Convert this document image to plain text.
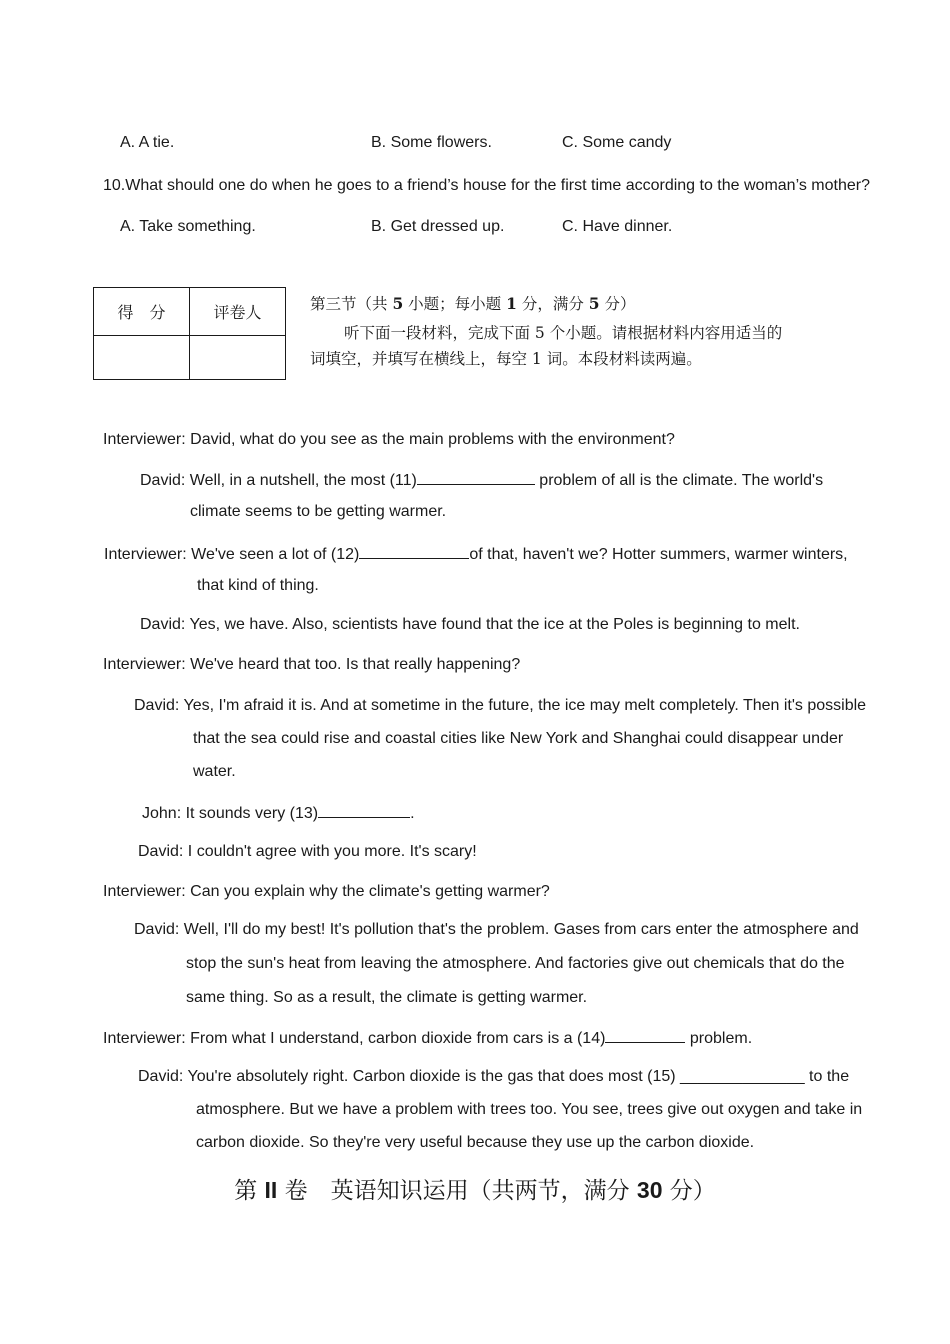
A. A tie.	B. Some flowers.	C. Some candy
10.What should one do when he goes to a friend’s house for the first time according to the woman’s mother?
A. Take something.	B. Get dressed up.	C. Have dinner.
得　分	评卷人
		第三节（共 5 小题；每小题 1 分，满分 5 分）
听下面一段材料，完成下面 5 个小题。请根据材料内容用适当的
词填空，并填写在横线上，每空 1 词。本段材料读两遍。
Interviewer: David, what do you see as the main problems with the environment?
David: Well, in a nutshell, the most (11)	problem of all is the climate. The world's
climate seems to be getting warmer.
Interviewer: We've seen a lot of (12)	of that, haven't we? Hotter summers, warmer winters,
that kind of thing.
David: Yes, we have. Also, scientists have found that the ice at the Poles is beginning to melt.
Interviewer: We've heard that too. Is that really happening?
David: Yes, I'm afraid it is. And at sometime in the future, the ice may melt completely. Then it's possible
that the sea could rise and coastal cities like New York and Shanghai could disappear under
water.
John: It sounds very (13)	.
David: I couldn't agree with you more. It's scary!
Interviewer: Can you explain why the climate's getting warmer?
David: Well, I'll do my best! It's pollution that's the problem. Gases from cars enter the atmosphere and
stop the sun's heat from leaving the atmosphere. And factories give out chemicals that do the
same thing. So as a result, the climate is getting warmer.
Interviewer: From what I understand, carbon dioxide from cars is a (14)	problem.
David: You're absolutely right. Carbon dioxide is the gas that does most (15) ______________ to the
atmosphere. But we have a problem with trees too. You see, trees give out oxygen and take in
carbon dioxide. So they're very useful because they use up the carbon dioxide.
第 II 卷　英语知识运用（共两节，满分 30 分）
